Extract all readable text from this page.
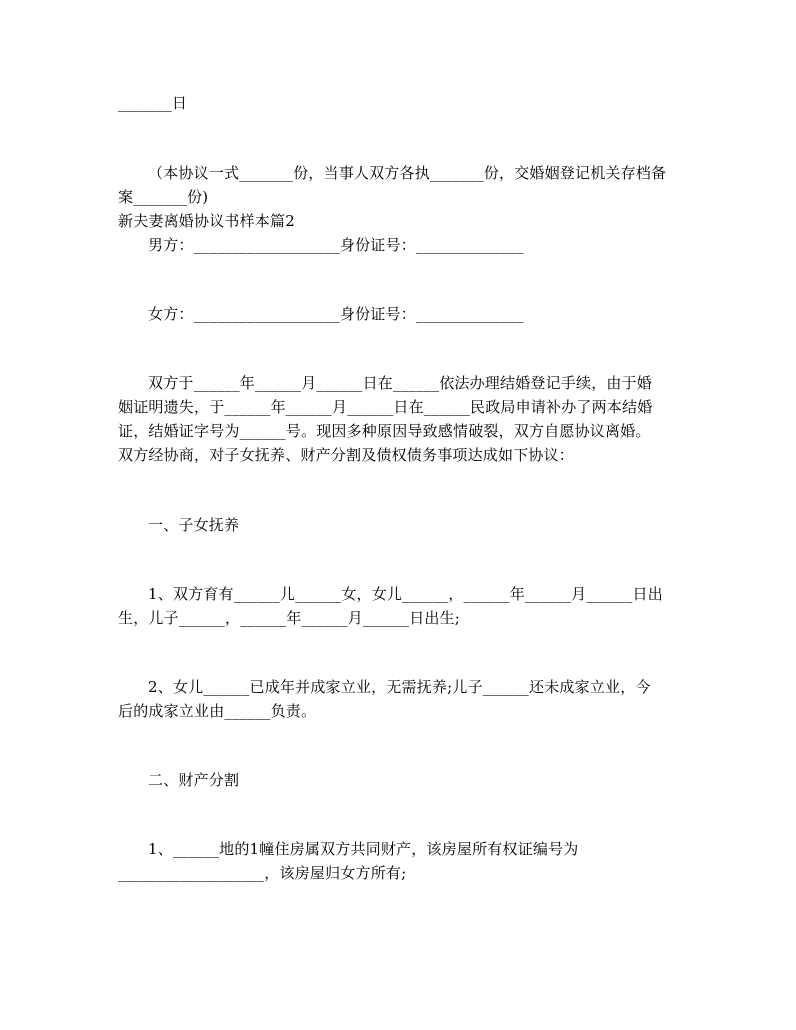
_______日
（本协议一式_______份，当事人双方各执_______份，交婚姻登记机关存档备
案_______份)
新夫妻离婚协议书样本篇2
男方：___________________身份证号：______________
女方：___________________身份证号：______________
双方于______年______月______日在______依法办理结婚登记手续，由于婚
姻证明遗失，于______年______月______日在______民政局申请补办了两本结婚
证，结婚证字号为______号。现因多种原因导致感情破裂，双方自愿协议离婚。
双方经协商，对子女抚养、财产分割及债权债务事项达成如下协议：
一、子女抚养
1、双方育有______儿______女，女儿______，______年______月______日出
生，儿子______，______年______月______日出生;
2、女儿______已成年并成家立业，无需抚养;儿子______还未成家立业，今
后的成家立业由______负责。
二、财产分割
1、______地的1幢住房属双方共同财产，该房屋所有权证编号为
___________________，该房屋归女方所有;
